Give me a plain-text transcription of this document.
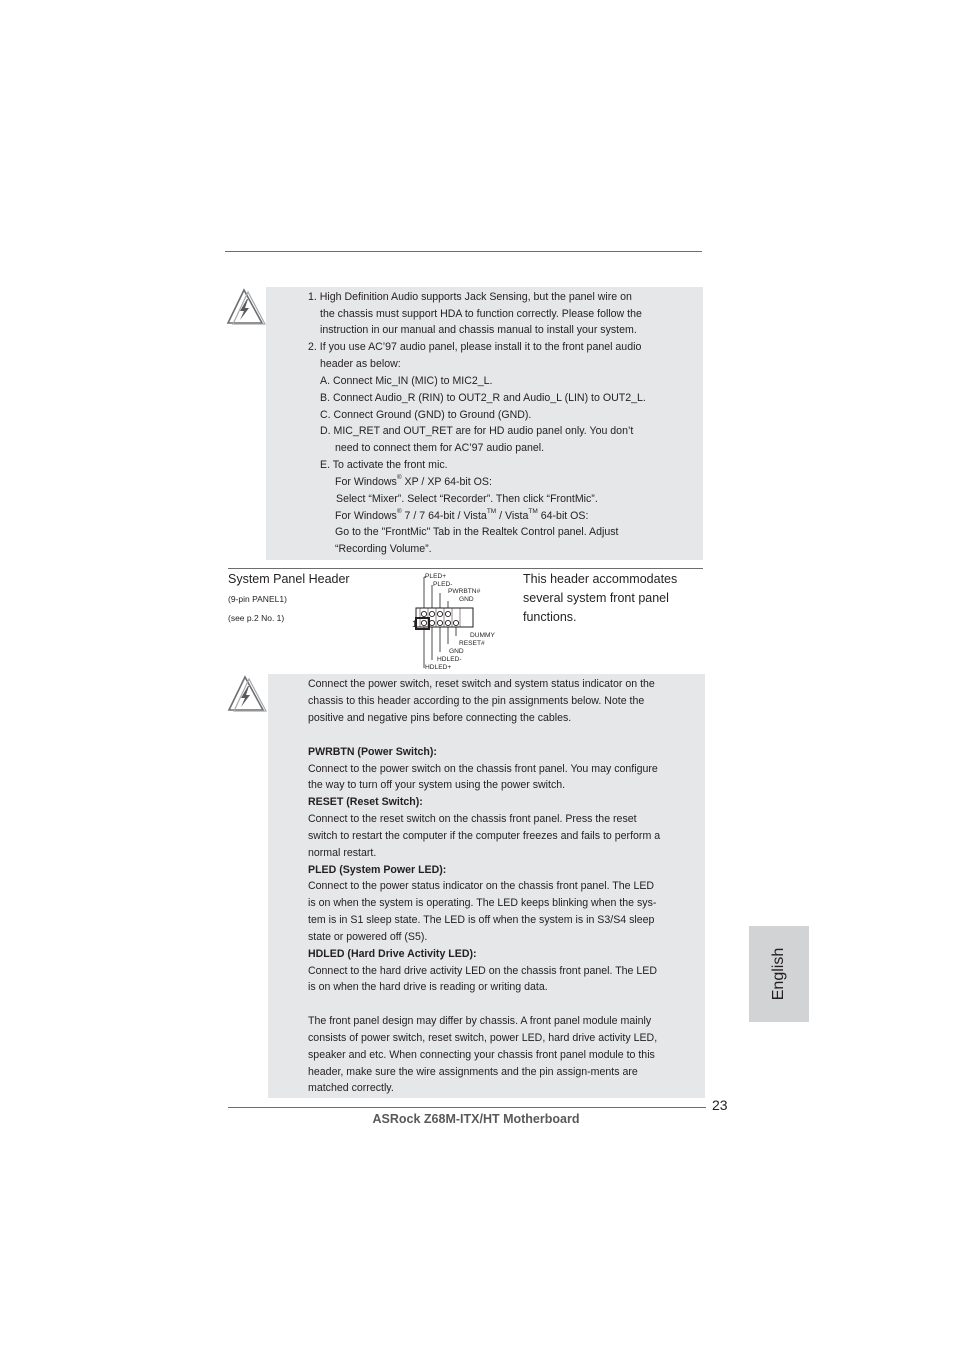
1. High Definition Audio supports Jack Sensing, but the panel wire on
the chassis must support HDA to function correctly. Please follow the
instruction in our manual and chassis manual to install your system.
2. If you use AC’97 audio panel, please install it to the front panel audio
header as below:
A. Connect Mic_IN (MIC) to MIC2_L.
B. Connect Audio_R (RIN) to OUT2_R and Audio_L (LIN) to OUT2_L.
C. Connect Ground (GND) to Ground (GND).
D. MIC_RET and OUT_RET are for HD audio panel only. You don’t
need to connect them for AC’97 audio panel.
E. To activate the front mic.
For Windows® XP / XP 64-bit OS:
Select “Mixer”. Select “Recorder”. Then click “FrontMic”.
For Windows® 7 / 7 64-bit / Vista™ / Vista™ 64-bit OS:
Go to the "FrontMic" Tab in the Realtek Control panel. Adjust
“Recording Volume”.
System Panel Header
(9-pin PANEL1)
(see p.2 No. 1)
This header accommodates
several system front panel
functions.
PLED+
PLED-
PWRBTN#
GND
DUMMY
RESET#
GND
HDLED-
HDLED+
1
Connect the power switch, reset switch and system status indicator on the
chassis to this header according to the pin assignments below. Note the
positive and negative pins before connecting the cables.
PWRBTN (Power Switch):
Connect to the power switch on the chassis front panel. You may configure
the way to turn off your system using the power switch.
RESET (Reset Switch):
Connect to the reset switch on the chassis front panel. Press the reset
switch to restart the computer if the computer freezes and fails to perform a
normal restart.
PLED (System Power LED):
Connect to the power status indicator on the chassis front panel. The LED
is on when the system is operating. The LED keeps blinking when the sys-
tem is in S1 sleep state. The LED is off when the system is in S3/S4 sleep
state or powered off (S5).
HDLED (Hard Drive Activity LED):
Connect to the hard drive activity LED on the chassis front panel. The LED
is on when the hard drive is reading or writing data.
The front panel design may differ by chassis. A front panel module mainly
consists of power switch, reset switch, power LED, hard drive activity LED,
speaker and etc. When connecting your chassis front panel module to this
header, make sure the wire assignments and the pin assign-ments are
matched correctly.
English
23
ASRock Z68M-ITX/HT Motherboard
